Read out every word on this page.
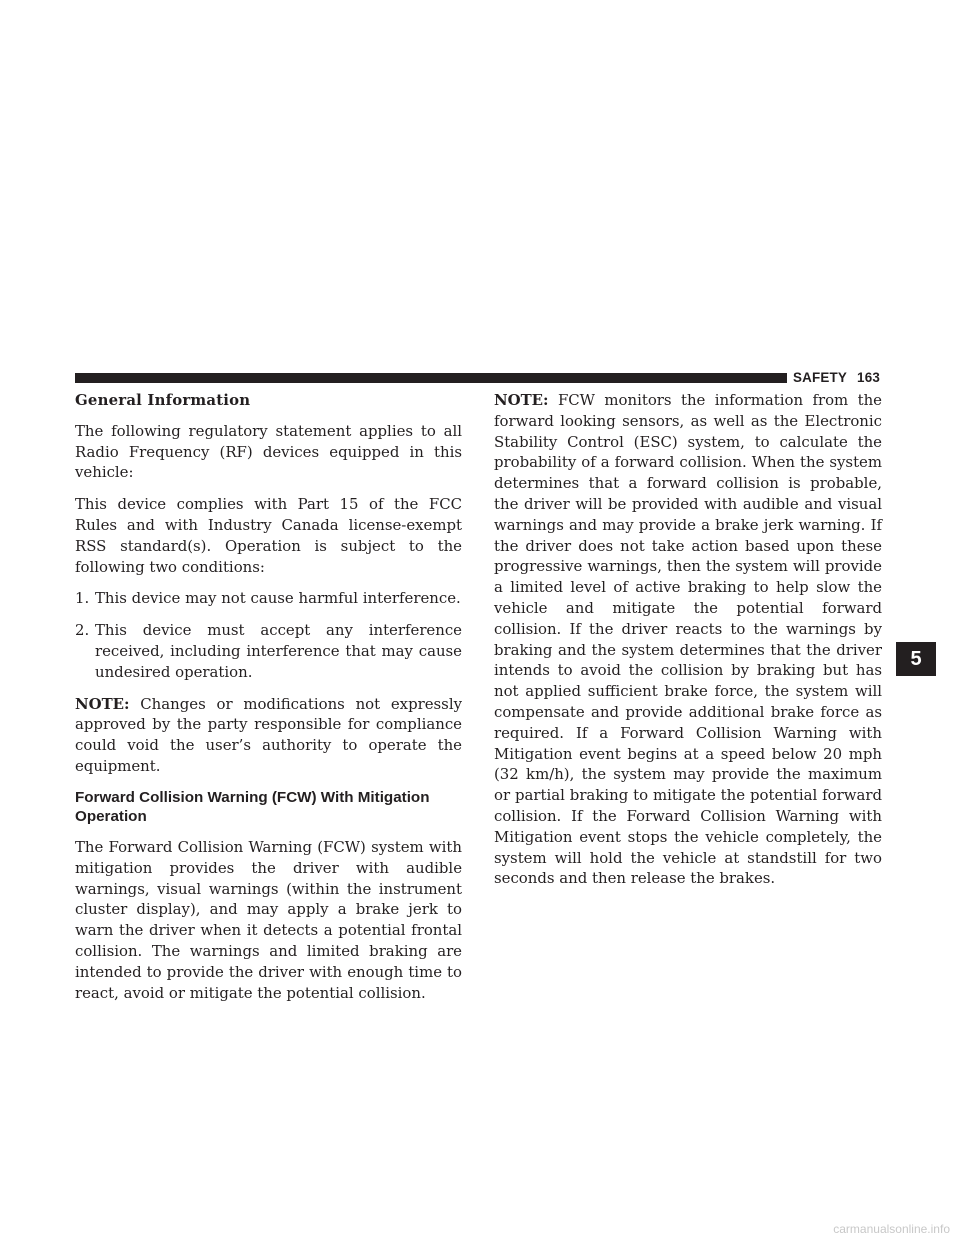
SAFETY 163
General Information

The following regulatory statement applies to all Radio Frequency (RF) devices equipped in this vehicle:

This device complies with Part 15 of the FCC Rules and with Industry Canada license-exempt RSS standard(s). Operation is subject to the following two conditions:

1. This device may not cause harmful interference.
2. This device must accept any interference received, including interference that may cause undesired operation.

NOTE: Changes or modifications not expressly approved by the party responsible for compliance could void the user’s authority to operate the equipment.

Forward Collision Warning (FCW) With Mitigation Operation

The Forward Collision Warning (FCW) system with mitigation provides the driver with audible warnings, visual warnings (within the instrument cluster display), and may apply a brake jerk to warn the driver when it detects a potential frontal collision. The warnings and limited braking are intended to provide the driver with enough time to react, avoid or mitigate the potential collision.

NOTE: FCW monitors the information from the forward looking sensors, as well as the Electronic Stability Control (ESC) system, to calculate the probability of a forward collision. When the system determines that a forward collision is probable, the driver will be provided with audible and visual warnings and may provide a brake jerk warning. If the driver does not take action based upon these progressive warnings, then the system will provide a limited level of active braking to help slow the vehicle and mitigate the potential forward collision. If the driver reacts to the warnings by braking and the system determines that the driver intends to avoid the collision by braking but has not applied sufficient brake force, the system will compensate and provide additional brake force as required. If a Forward Collision Warning with Mitigation event begins at a speed below 20 mph (32 km/h), the system may provide the maximum or partial braking to mitigate the potential forward collision. If the Forward Collision Warning with Mitigation event stops the vehicle completely, the system will hold the vehicle at standstill for two seconds and then release the brakes.

5
carmanualsonline.info
